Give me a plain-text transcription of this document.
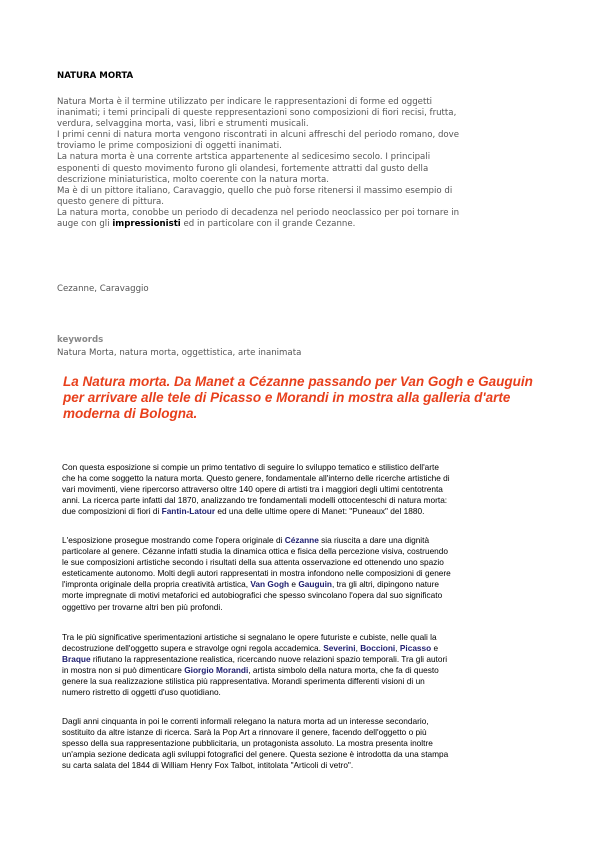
NATURA MORTA

Natura Morta è il termine utilizzato per indicare le rappresentazioni di forme ed oggetti

inanimati; i temi principali di queste reppresentazioni sono composizioni di fiori recisi, frutta,

verdura, selvaggina morta, vasi, libri e strumenti musicali.

I primi cenni di natura morta vengono riscontrati in alcuni affreschi del periodo romano, dove

troviamo le prime composizioni di oggetti inanimati.

La natura morta è una corrente artstica appartenente al sedicesimo secolo. I principali

esponenti di questo movimento furono gli olandesi, fortemente attratti dal gusto della

descrizione miniaturistica, molto coerente con la natura morta.

Ma è di un pittore italiano, Caravaggio, quello che può forse ritenersi il massimo esempio di

questo genere di pittura.

La natura morta, conobbe un periodo di decadenza nel periodo neoclassico per poi tornare in

auge con gli impressionisti ed in particolare con il grande Cezanne.

Cezanne, Caravaggio
keywords
Natura Morta, natura morta, oggettistica, arte inanimata
La Natura morta. Da Manet a Cézanne passando per Van Gogh e Gauguin per arrivare alle tele di Picasso e Morandi in mostra alla galleria d'arte moderna di Bologna.

Con questa esposizione si compie un primo tentativo di seguire lo sviluppo tematico e stilistico dell'arte

che ha come soggetto la natura morta. Questo genere, fondamentale all'interno delle ricerche artistiche di

vari movimenti, viene ripercorso attraverso oltre 140 opere di artisti tra i maggiori degli ultimi centotrenta

anni. La ricerca parte infatti dal 1870, analizzando tre fondamentali modelli ottocenteschi di natura morta:

due composizioni di fiori di Fantin-Latour ed una delle ultime opere di Manet: "Puneaux" del 1880.

L'esposizione prosegue mostrando come l'opera originale di Cézanne sia riuscita a dare una dignità

particolare al genere. Cézanne infatti studia la dinamica ottica e fisica della percezione visiva, costruendo

le sue composizioni artistiche secondo i risultati della sua attenta osservazione ed ottenendo uno spazio

esteticamente autonomo. Molti degli autori rappresentati in mostra infondono nelle composizioni di genere

l'impronta originale della propria creatività artistica, Van Gogh e Gauguin, tra gli altri, dipingono nature

morte impregnate di motivi metaforici ed autobiografici che spesso svincolano l'opera dal suo significato

oggettivo per trovarne altri ben più profondi.

Tra le più significative sperimentazioni artistiche si segnalano le opere futuriste e cubiste, nelle quali la

decostruzione dell'oggetto supera e stravolge ogni regola accademica. Severini, Boccioni, Picasso e

Braque rifiutano la rappresentazione realistica, ricercando nuove relazioni spazio temporali. Tra gli autori

in mostra non si può dimenticare Giorgio Morandi, artista simbolo della natura morta, che fa di questo

genere la sua realizzazione stilistica più rappresentativa. Morandi sperimenta differenti visioni di un

numero ristretto di oggetti d'uso quotidiano.

Dagli anni cinquanta in poi le correnti informali relegano la natura morta ad un interesse secondario,

sostituito da altre istanze di ricerca. Sarà la Pop Art a rinnovare il genere, facendo dell'oggetto o più

spesso della sua rappresentazione pubblicitaria, un protagonista assoluto. La mostra presenta inoltre

un'ampia sezione dedicata agli sviluppi fotografici del genere. Questa sezione è introdotta da una stampa

su carta salata del 1844 di William Henry Fox Talbot, intitolata "Articoli di vetro".
